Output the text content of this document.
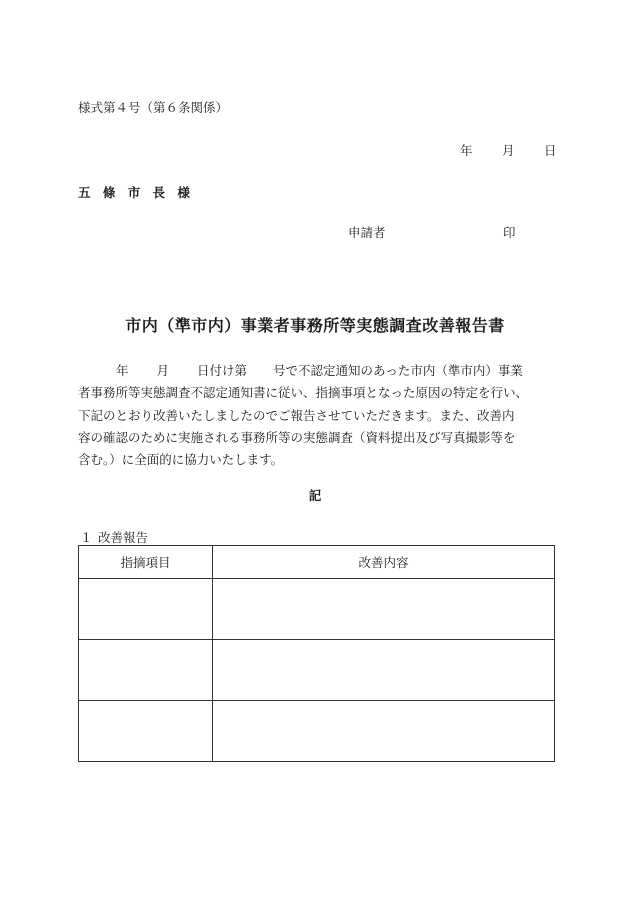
様式第４号（第６条関係）
年	月	日
五 條 市 長 様
申請者	印
市内（準市内）事業者事務所等実態調査改善報告書

年 月 日付け第 号で不認定通知のあった市内（準市内）事業

者事務所等実態調査不認定通知書に従い、指摘事項となった原因の特定を行い、

下記のとおり改善いたしましたのでご報告させていただきます。また、改善内

容の確認のために実施される事務所等の実態調査（資料提出及び写真撮影等を

含む。）に全面的に協力いたします。

記
１ 改善報告
指摘項目	改善内容
